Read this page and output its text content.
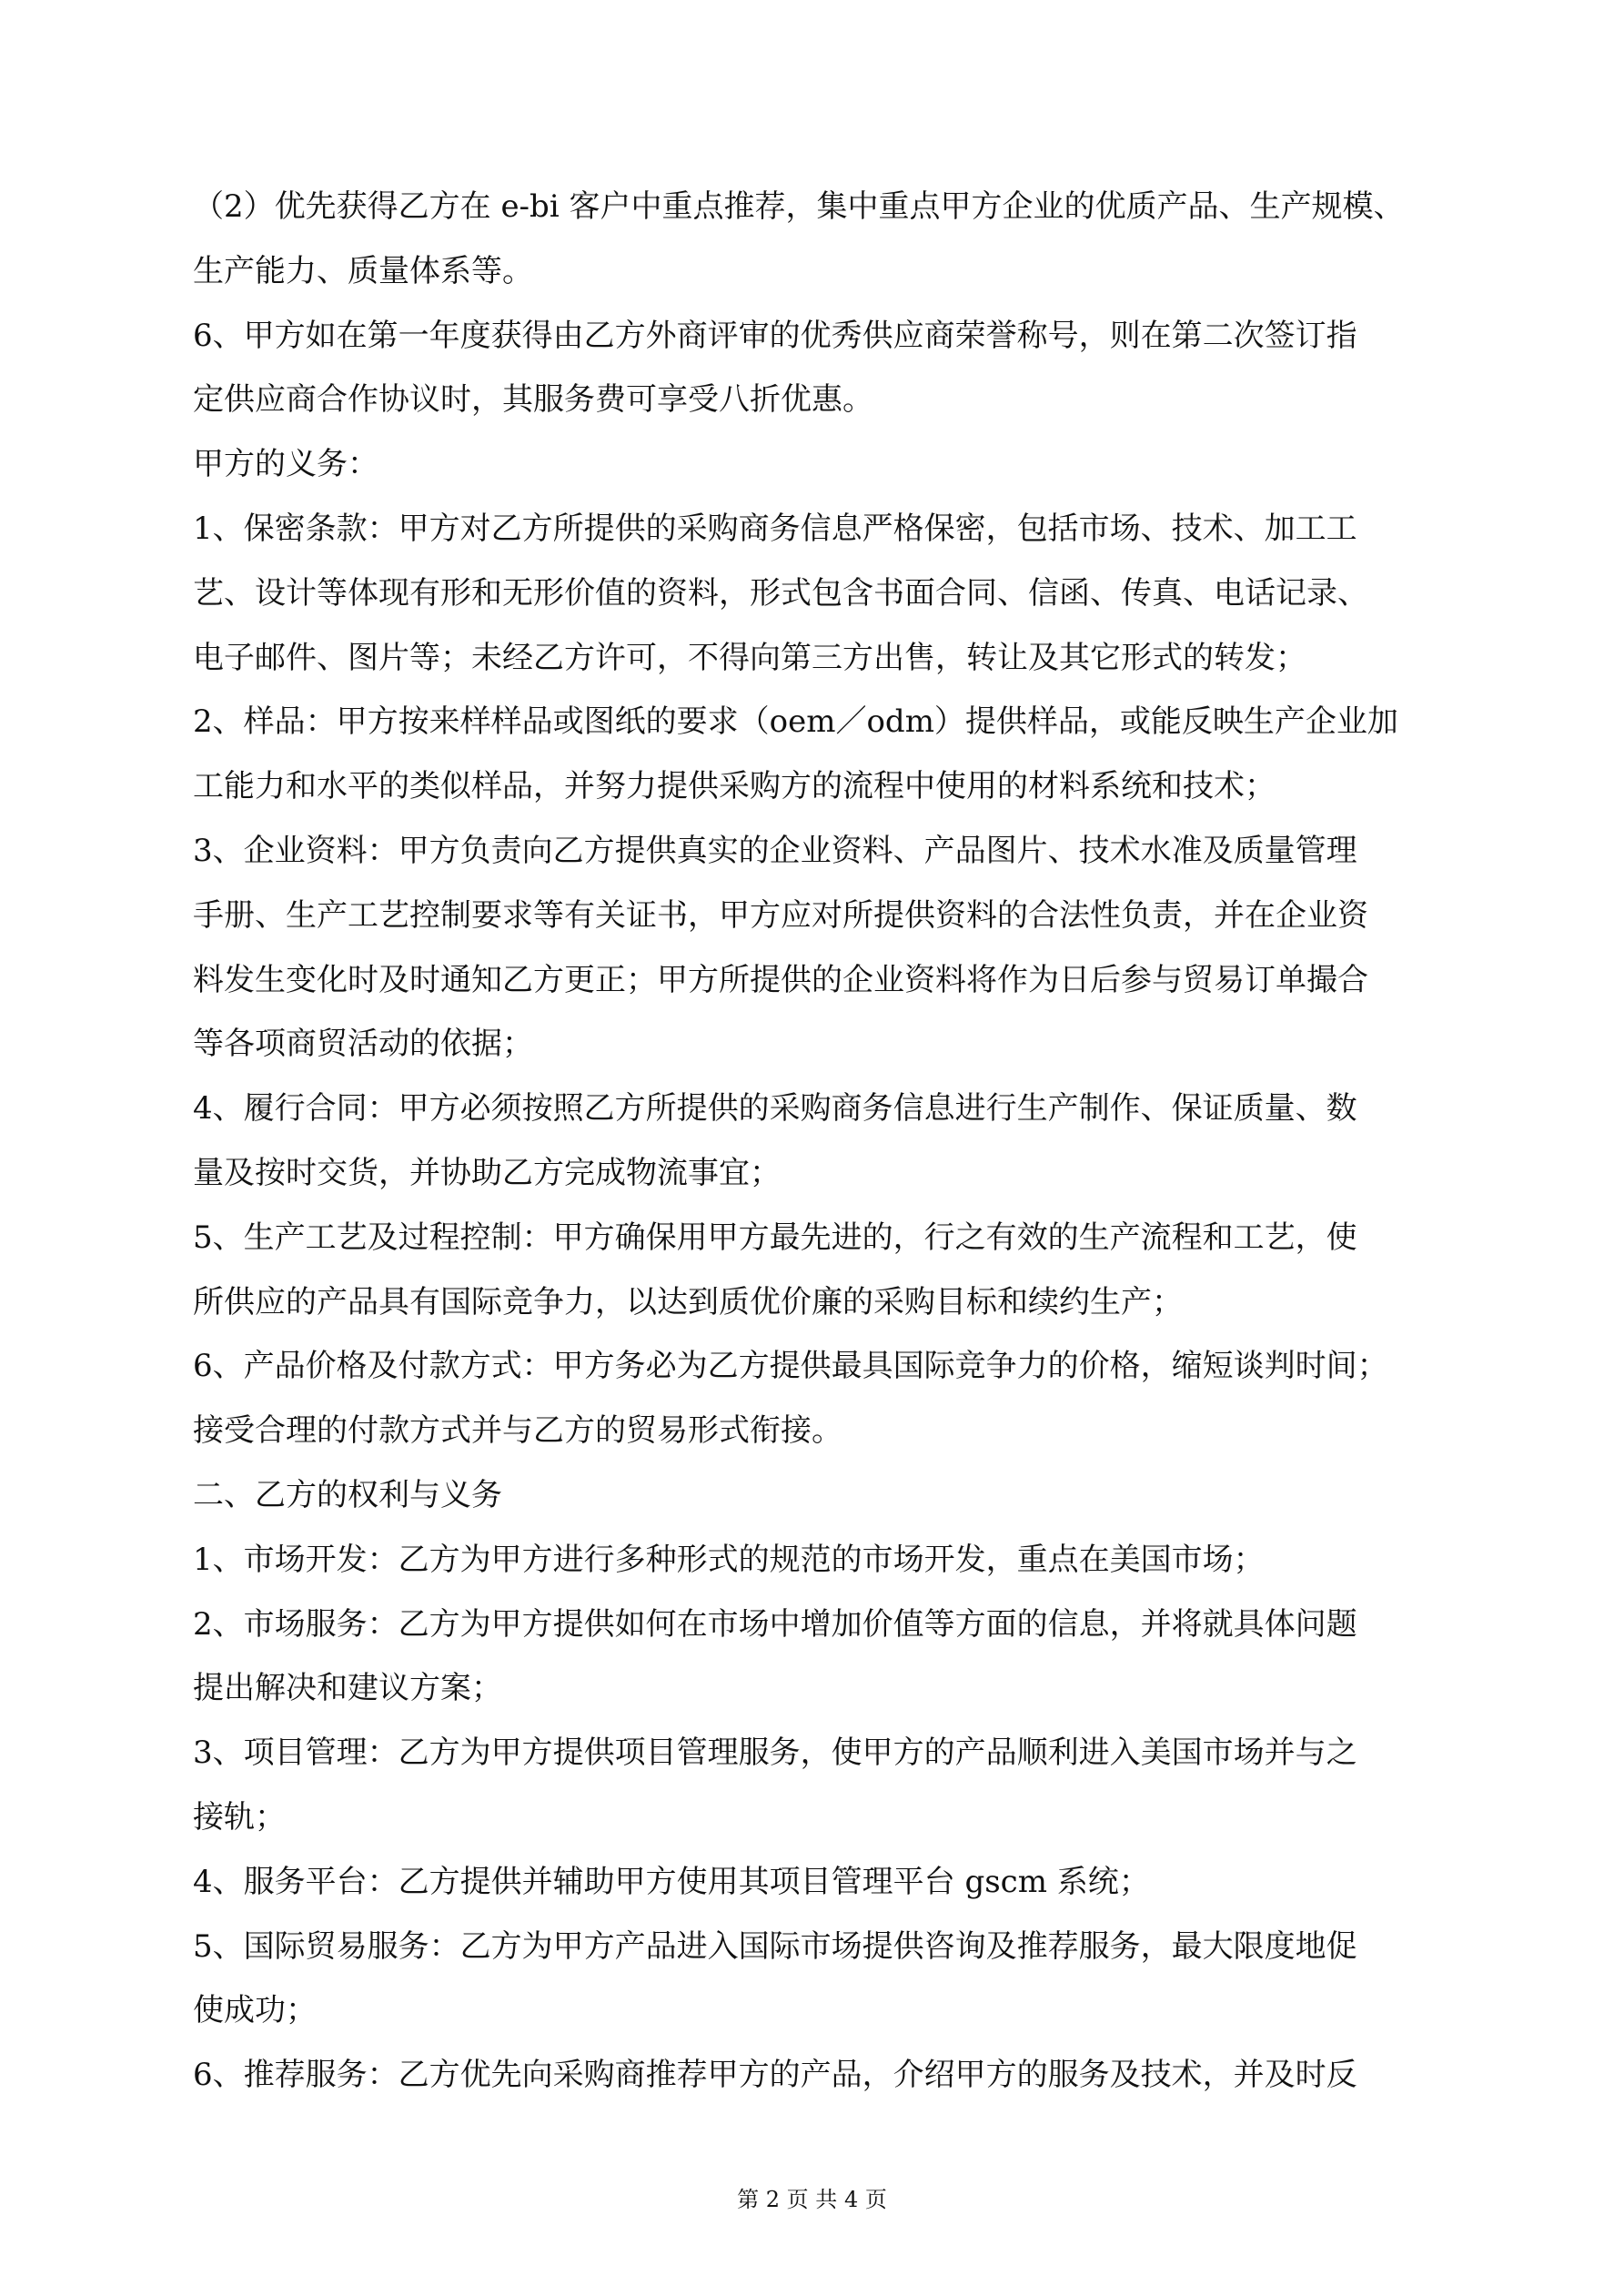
（2）优先获得乙方在 e-bi 客户中重点推荐，集中重点甲方企业的优质产品、生产规模、

生产能力、质量体系等。

6、甲方如在第一年度获得由乙方外商评审的优秀供应商荣誉称号，则在第二次签订指

定供应商合作协议时，其服务费可享受八折优惠。

甲方的义务：

1、保密条款：甲方对乙方所提供的采购商务信息严格保密，包括市场、技术、加工工

艺、设计等体现有形和无形价值的资料，形式包含书面合同、信函、传真、电话记录、

电子邮件、图片等；未经乙方许可，不得向第三方出售，转让及其它形式的转发；

2、样品：甲方按来样样品或图纸的要求（oem／odm）提供样品，或能反映生产企业加

工能力和水平的类似样品，并努力提供采购方的流程中使用的材料系统和技术；

3、企业资料：甲方负责向乙方提供真实的企业资料、产品图片、技术水准及质量管理

手册、生产工艺控制要求等有关证书，甲方应对所提供资料的合法性负责，并在企业资

料发生变化时及时通知乙方更正；甲方所提供的企业资料将作为日后参与贸易订单撮合

等各项商贸活动的依据；

4、履行合同：甲方必须按照乙方所提供的采购商务信息进行生产制作、保证质量、数

量及按时交货，并协助乙方完成物流事宜；

5、生产工艺及过程控制：甲方确保用甲方最先进的，行之有效的生产流程和工艺，使

所供应的产品具有国际竞争力，以达到质优价廉的采购目标和续约生产；

6、产品价格及付款方式：甲方务必为乙方提供最具国际竞争力的价格，缩短谈判时间；

接受合理的付款方式并与乙方的贸易形式衔接。

二、乙方的权利与义务

1、市场开发：乙方为甲方进行多种形式的规范的市场开发，重点在美国市场；

2、市场服务：乙方为甲方提供如何在市场中增加价值等方面的信息，并将就具体问题

提出解决和建议方案；

3、项目管理：乙方为甲方提供项目管理服务，使甲方的产品顺利进入美国市场并与之

接轨；

4、服务平台：乙方提供并辅助甲方使用其项目管理平台 gscm 系统；

5、国际贸易服务：乙方为甲方产品进入国际市场提供咨询及推荐服务，最大限度地促

使成功；

6、推荐服务：乙方优先向采购商推荐甲方的产品，介绍甲方的服务及技术，并及时反

第 2 页 共 4 页
